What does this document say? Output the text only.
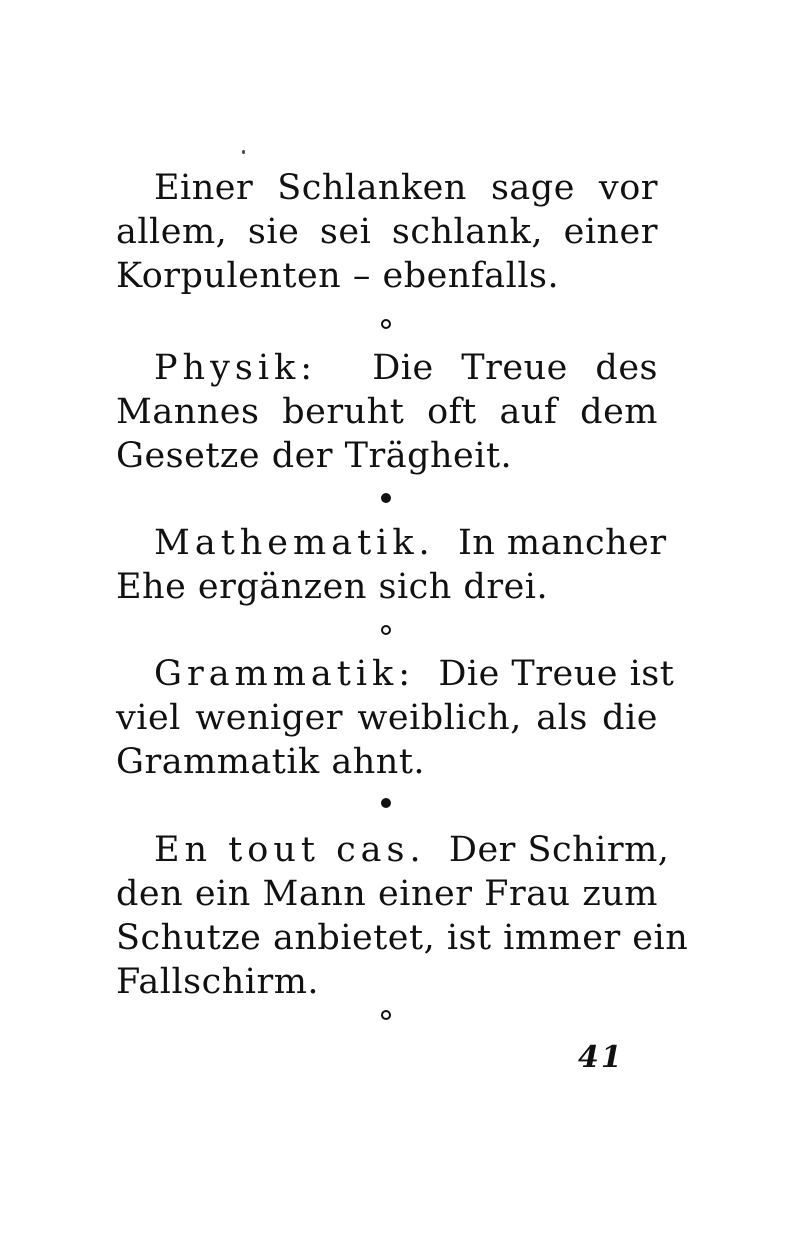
Einer Schlanken sage vor
allem, sie sei schlank, einer
Korpulenten – ebenfalls.
Physik: Die Treue des
Mannes beruht oft auf dem
Gesetze der Trägheit.
Mathematik. In mancher
Ehe ergänzen sich drei.
Grammatik: Die Treue ist
viel weniger weiblich, als die
Grammatik ahnt.
En tout cas. Der Schirm,
den ein Mann einer Frau zum
Schutze anbietet, ist immer ein
Fallschirm.
41
